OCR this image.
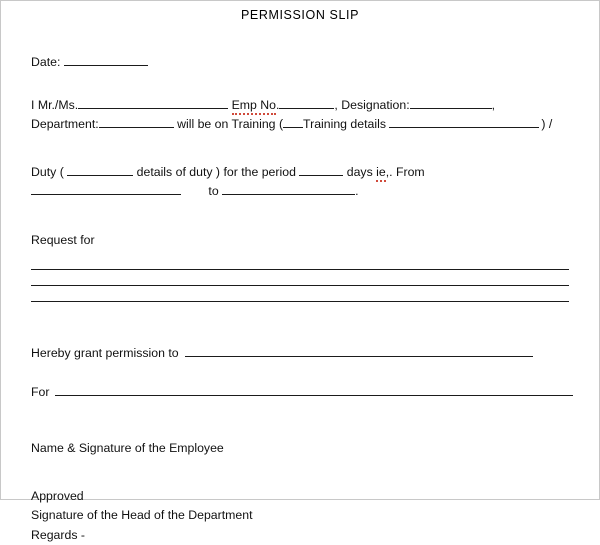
PERMISSION SLIP
Date:
I Mr./Ms.	Emp No.	, Designation:	,
Department:	will be on Training ( Training details	) /
Duty (	details of duty ) for the period	days ie,. From
to	.
Request for
Hereby grant permission to
For
Name & Signature of the Employee
Approved
Signature of the Head of the Department
Regards -
